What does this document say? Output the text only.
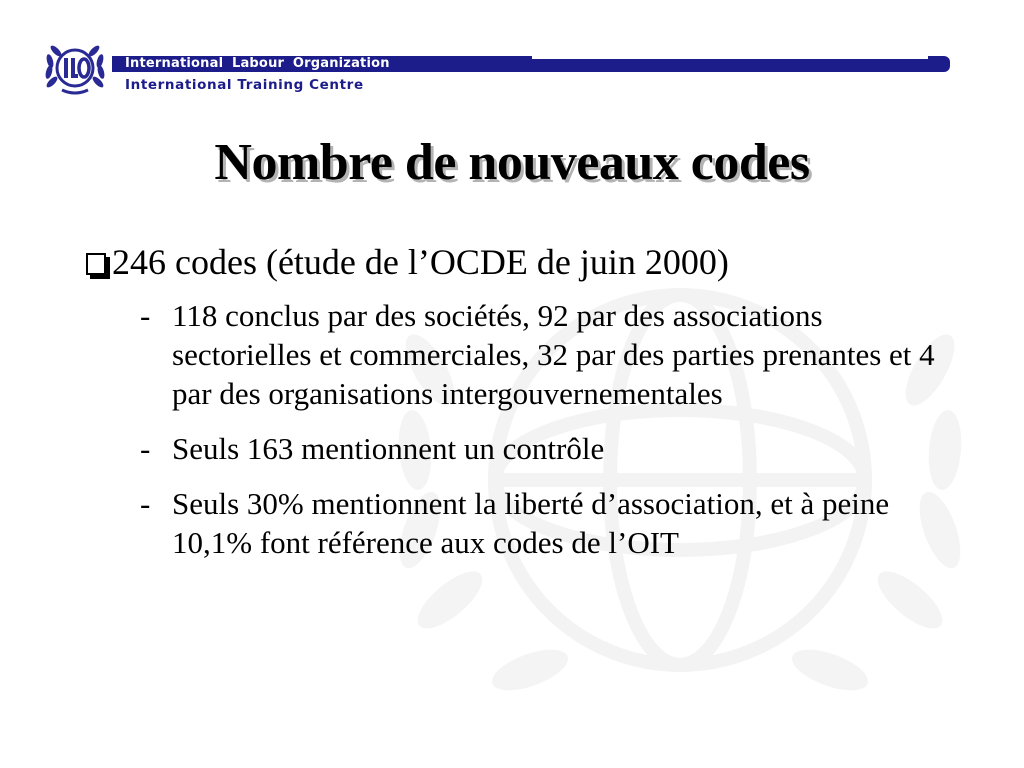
International Labour Organization
International Training Centre
Nombre de nouveaux codes
246 codes (étude de l’OCDE de juin 2000)
- 118 conclus par des sociétés, 92 par des associations sectorielles et commerciales, 32 par des parties prenantes et 4 par des organisations intergouvernementales
- Seuls 163 mentionnent un contrôle
- Seuls 30% mentionnent la liberté d’association, et à peine 10,1% font référence aux codes de l’OIT
